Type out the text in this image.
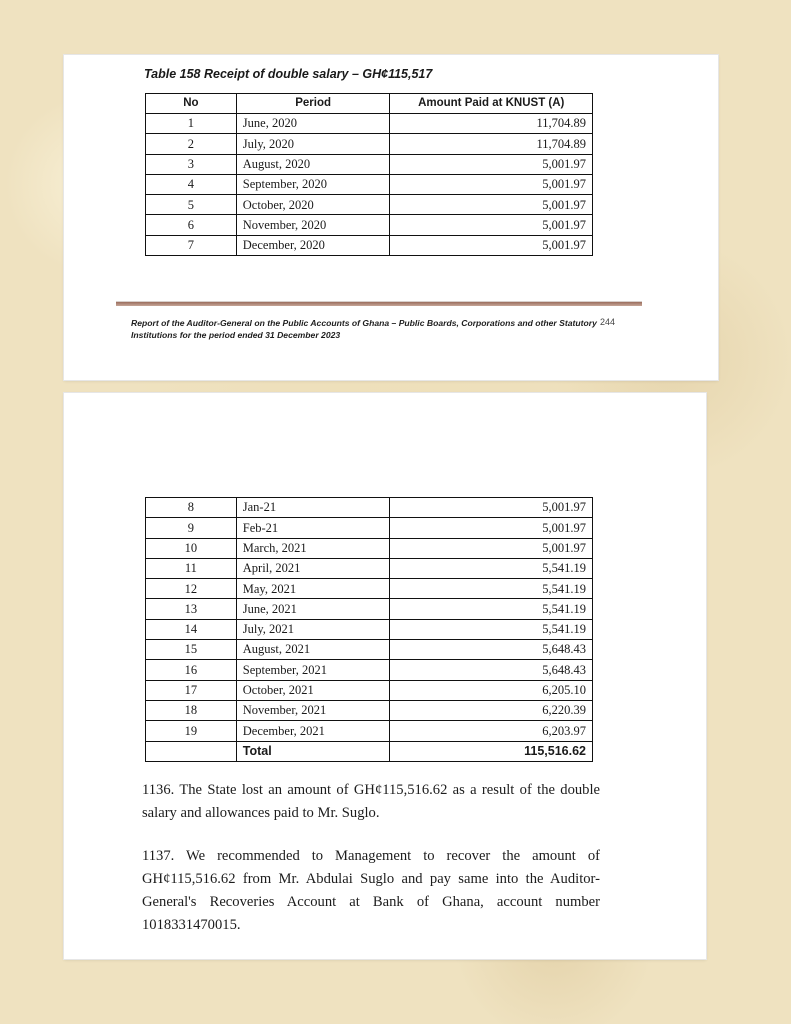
Table 158 Receipt of double salary – GH¢115,517
No	Period	Amount Paid at KNUST (A)
1	June, 2020	11,704.89
2	July, 2020	11,704.89
3	August, 2020	5,001.97
4	September, 2020	5,001.97
5	October, 2020	5,001.97
6	November, 2020	5,001.97
7	December, 2020	5,001.97
Report of the Auditor-General on the Public Accounts of Ghana – Public Boards, Corporations and other Statutory Institutions for the period ended 31 December 2023
244
8	Jan-21	5,001.97
9	Feb-21	5,001.97
10	March, 2021	5,001.97
11	April, 2021	5,541.19
12	May, 2021	5,541.19
13	June, 2021	5,541.19
14	July, 2021	5,541.19
15	August, 2021	5,648.43
16	September, 2021	5,648.43
17	October, 2021	6,205.10
18	November, 2021	6,220.39
19	December, 2021	6,203.97
	Total	115,516.62

1136. The State lost an amount of GH¢115,516.62 as a result of the double salary and allowances paid to Mr. Suglo.

1137. We recommended to Management to recover the amount of GH¢115,516.62 from Mr. Abdulai Suglo and pay same into the Auditor-General's Recoveries Account at Bank of Ghana, account number 1018331470015.
